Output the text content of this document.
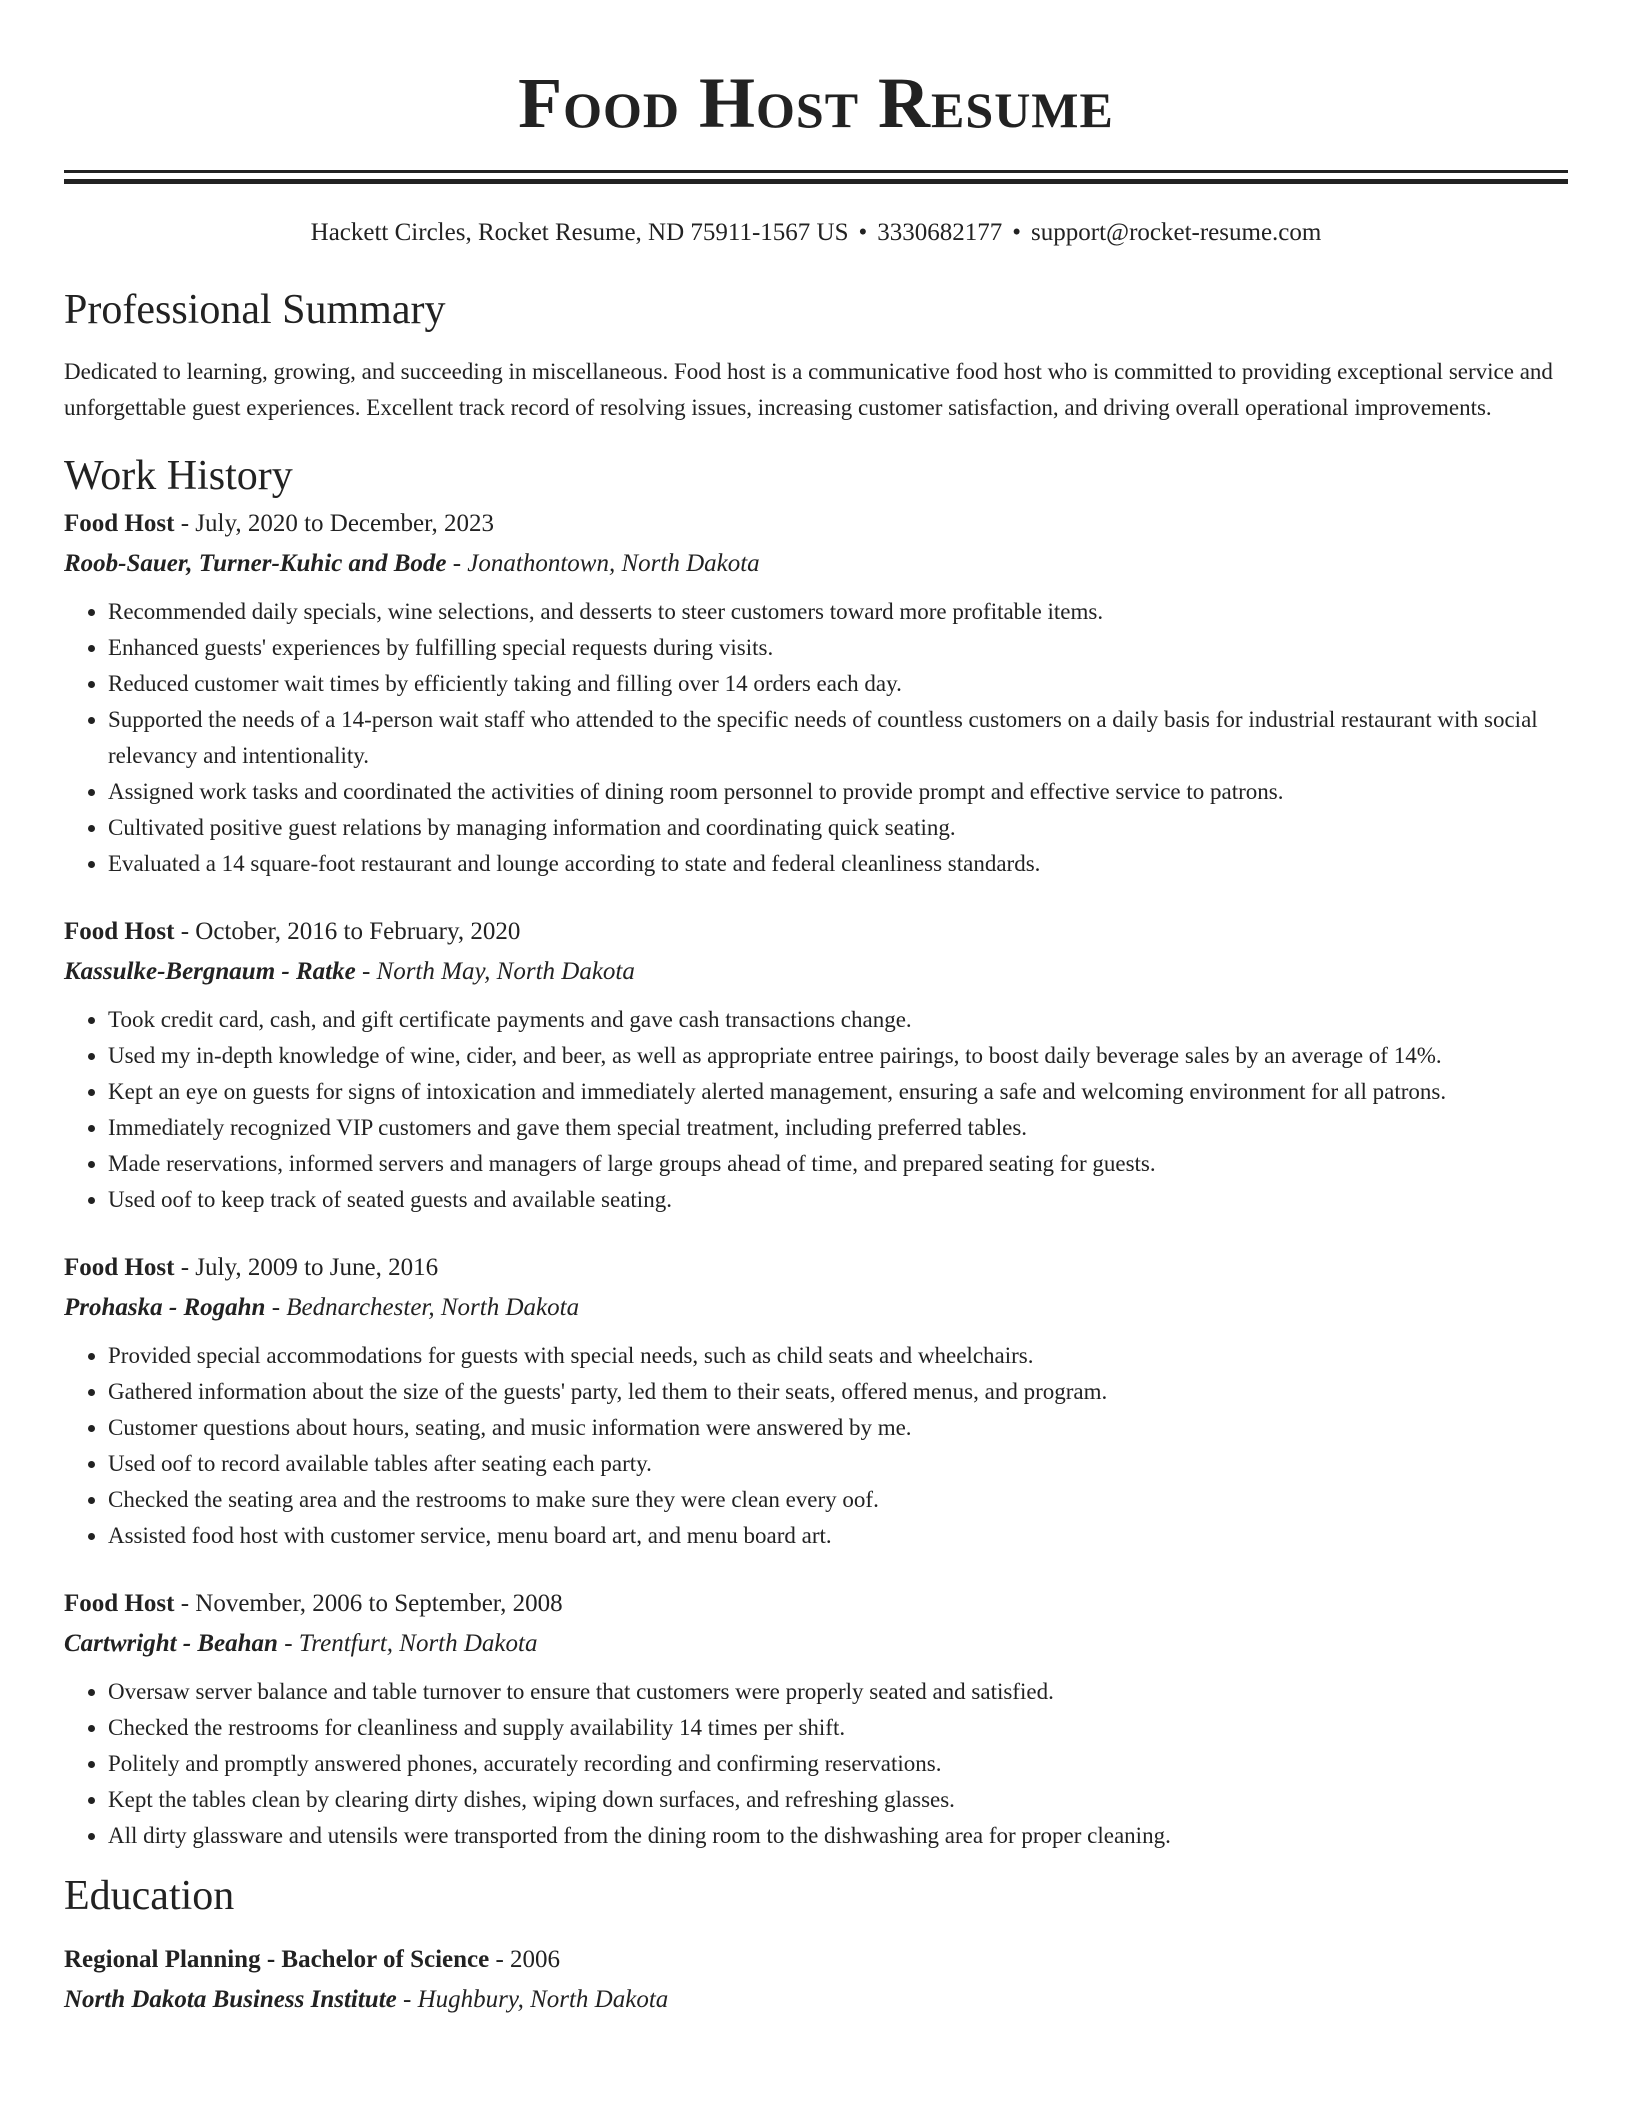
Food Host Resume
Hackett Circles, Rocket Resume, ND 75911-1567 US • 3330682177 • support@rocket-resume.com
Professional Summary
Dedicated to learning, growing, and succeeding in miscellaneous. Food host is a communicative food host who is committed to providing exceptional service and unforgettable guest experiences. Excellent track record of resolving issues, increasing customer satisfaction, and driving overall operational improvements.
Work History
Food Host - July, 2020 to December, 2023
Roob-Sauer, Turner-Kuhic and Bode - Jonathontown, North Dakota
• Recommended daily specials, wine selections, and desserts to steer customers toward more profitable items.
• Enhanced guests' experiences by fulfilling special requests during visits.
• Reduced customer wait times by efficiently taking and filling over 14 orders each day.
• Supported the needs of a 14-person wait staff who attended to the specific needs of countless customers on a daily basis for industrial restaurant with social relevancy and intentionality.
• Assigned work tasks and coordinated the activities of dining room personnel to provide prompt and effective service to patrons.
• Cultivated positive guest relations by managing information and coordinating quick seating.
• Evaluated a 14 square-foot restaurant and lounge according to state and federal cleanliness standards.
Food Host - October, 2016 to February, 2020
Kassulke-Bergnaum - Ratke - North May, North Dakota
• Took credit card, cash, and gift certificate payments and gave cash transactions change.
• Used my in-depth knowledge of wine, cider, and beer, as well as appropriate entree pairings, to boost daily beverage sales by an average of 14%.
• Kept an eye on guests for signs of intoxication and immediately alerted management, ensuring a safe and welcoming environment for all patrons.
• Immediately recognized VIP customers and gave them special treatment, including preferred tables.
• Made reservations, informed servers and managers of large groups ahead of time, and prepared seating for guests.
• Used oof to keep track of seated guests and available seating.
Food Host - July, 2009 to June, 2016
Prohaska - Rogahn - Bednarchester, North Dakota
• Provided special accommodations for guests with special needs, such as child seats and wheelchairs.
• Gathered information about the size of the guests' party, led them to their seats, offered menus, and program.
• Customer questions about hours, seating, and music information were answered by me.
• Used oof to record available tables after seating each party.
• Checked the seating area and the restrooms to make sure they were clean every oof.
• Assisted food host with customer service, menu board art, and menu board art.
Food Host - November, 2006 to September, 2008
Cartwright - Beahan - Trentfurt, North Dakota
• Oversaw server balance and table turnover to ensure that customers were properly seated and satisfied.
• Checked the restrooms for cleanliness and supply availability 14 times per shift.
• Politely and promptly answered phones, accurately recording and confirming reservations.
• Kept the tables clean by clearing dirty dishes, wiping down surfaces, and refreshing glasses.
• All dirty glassware and utensils were transported from the dining room to the dishwashing area for proper cleaning.
Education
Regional Planning - Bachelor of Science - 2006
North Dakota Business Institute - Hughbury, North Dakota
